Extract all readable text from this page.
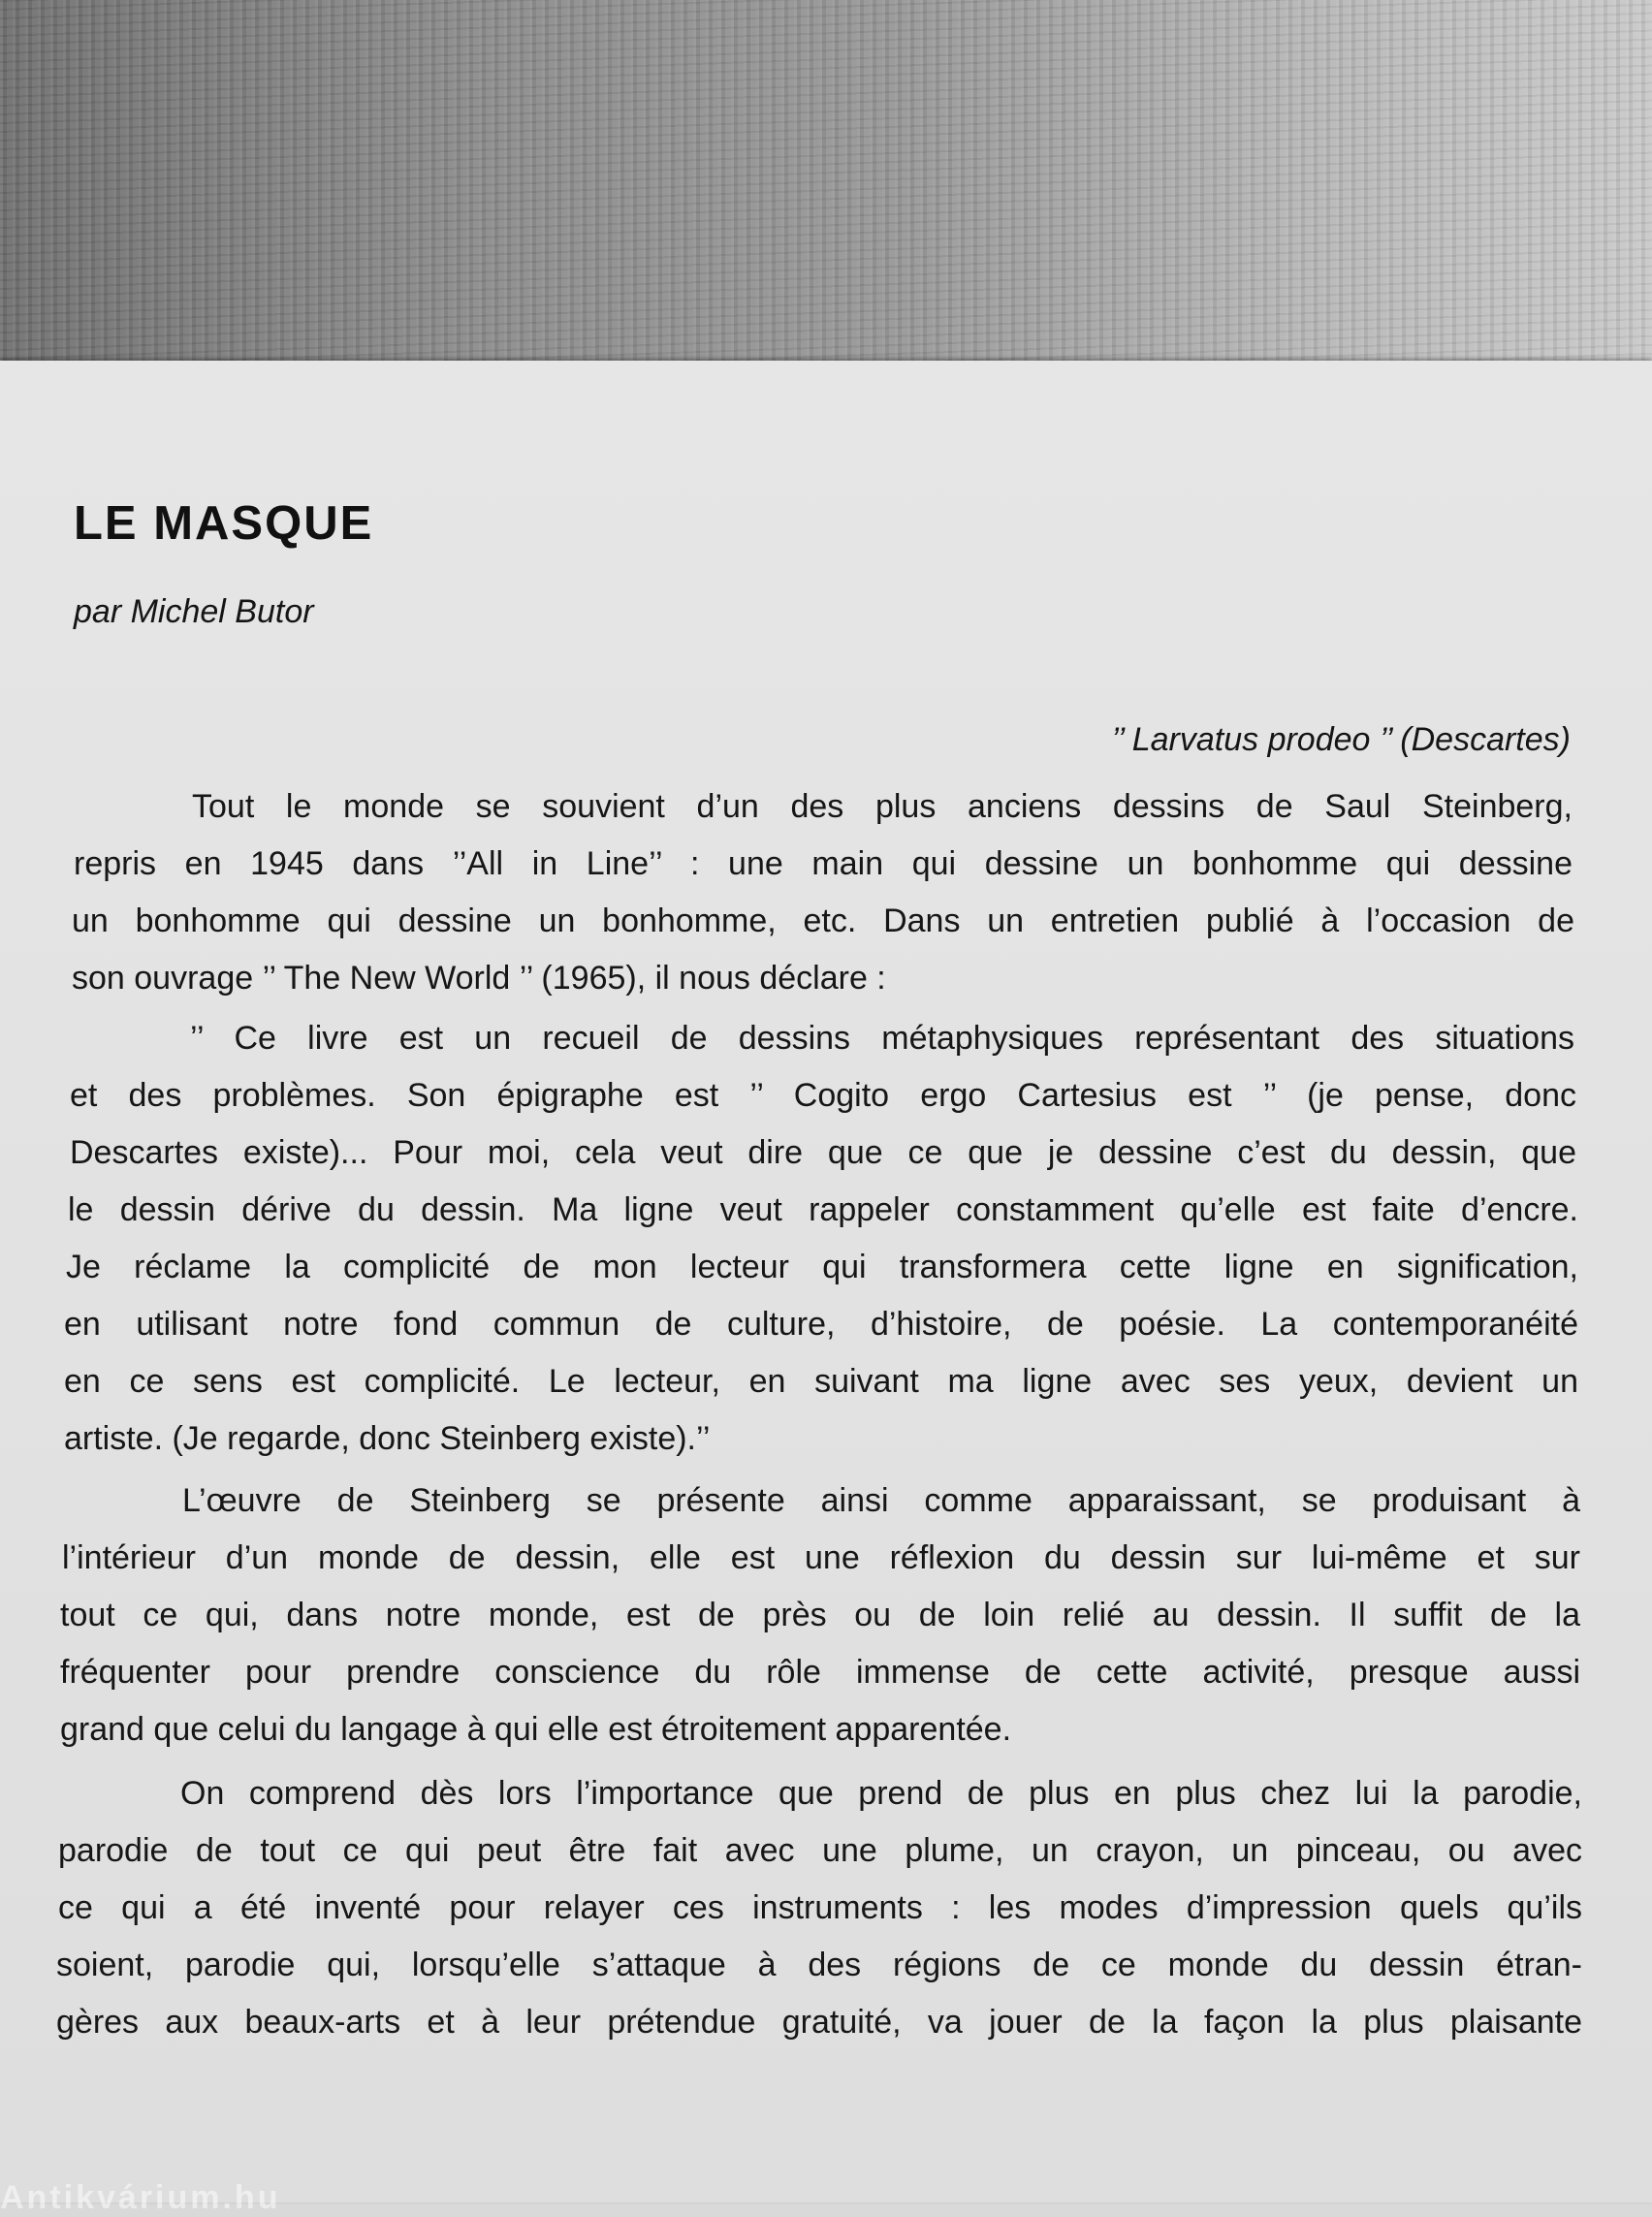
LE MASQUE

par Michel Butor

’’ Larvatus prodeo ’’ (Descartes)

Tout le monde se souvient d’un des plus anciens dessins de Saul Steinberg,

repris en 1945 dans ’’All in Line’’ : une main qui dessine un bonhomme qui dessine

un bonhomme qui dessine un bonhomme, etc. Dans un entretien publié à l’occasion de

son ouvrage ’’ The New World ’’ (1965), il nous déclare :

’’ Ce livre est un recueil de dessins métaphysiques représentant des situations

et des problèmes. Son épigraphe est ’’ Cogito ergo Cartesius est ’’ (je pense, donc

Descartes existe)... Pour moi, cela veut dire que ce que je dessine c’est du dessin, que

le dessin dérive du dessin. Ma ligne veut rappeler constamment qu’elle est faite d’encre.

Je réclame la complicité de mon lecteur qui transformera cette ligne en signification,

en utilisant notre fond commun de culture, d’histoire, de poésie. La contemporanéité

en ce sens est complicité. Le lecteur, en suivant ma ligne avec ses yeux, devient un

artiste. (Je regarde, donc Steinberg existe).’’

L’œuvre de Steinberg se présente ainsi comme apparaissant, se produisant à

l’intérieur d’un monde de dessin, elle est une réflexion du dessin sur lui-même et sur

tout ce qui, dans notre monde, est de près ou de loin relié au dessin. Il suffit de la

fréquenter pour prendre conscience du rôle immense de cette activité, presque aussi

grand que celui du langage à qui elle est étroitement apparentée.

On comprend dès lors l’importance que prend de plus en plus chez lui la parodie,

parodie de tout ce qui peut être fait avec une plume, un crayon, un pinceau, ou avec

ce qui a été inventé pour relayer ces instruments : les modes d’impression quels qu’ils

soient, parodie qui, lorsqu’elle s’attaque à des régions de ce monde du dessin étran-

gères aux beaux-arts et à leur prétendue gratuité, va jouer de la façon la plus plaisante

Antikvárium.hu
